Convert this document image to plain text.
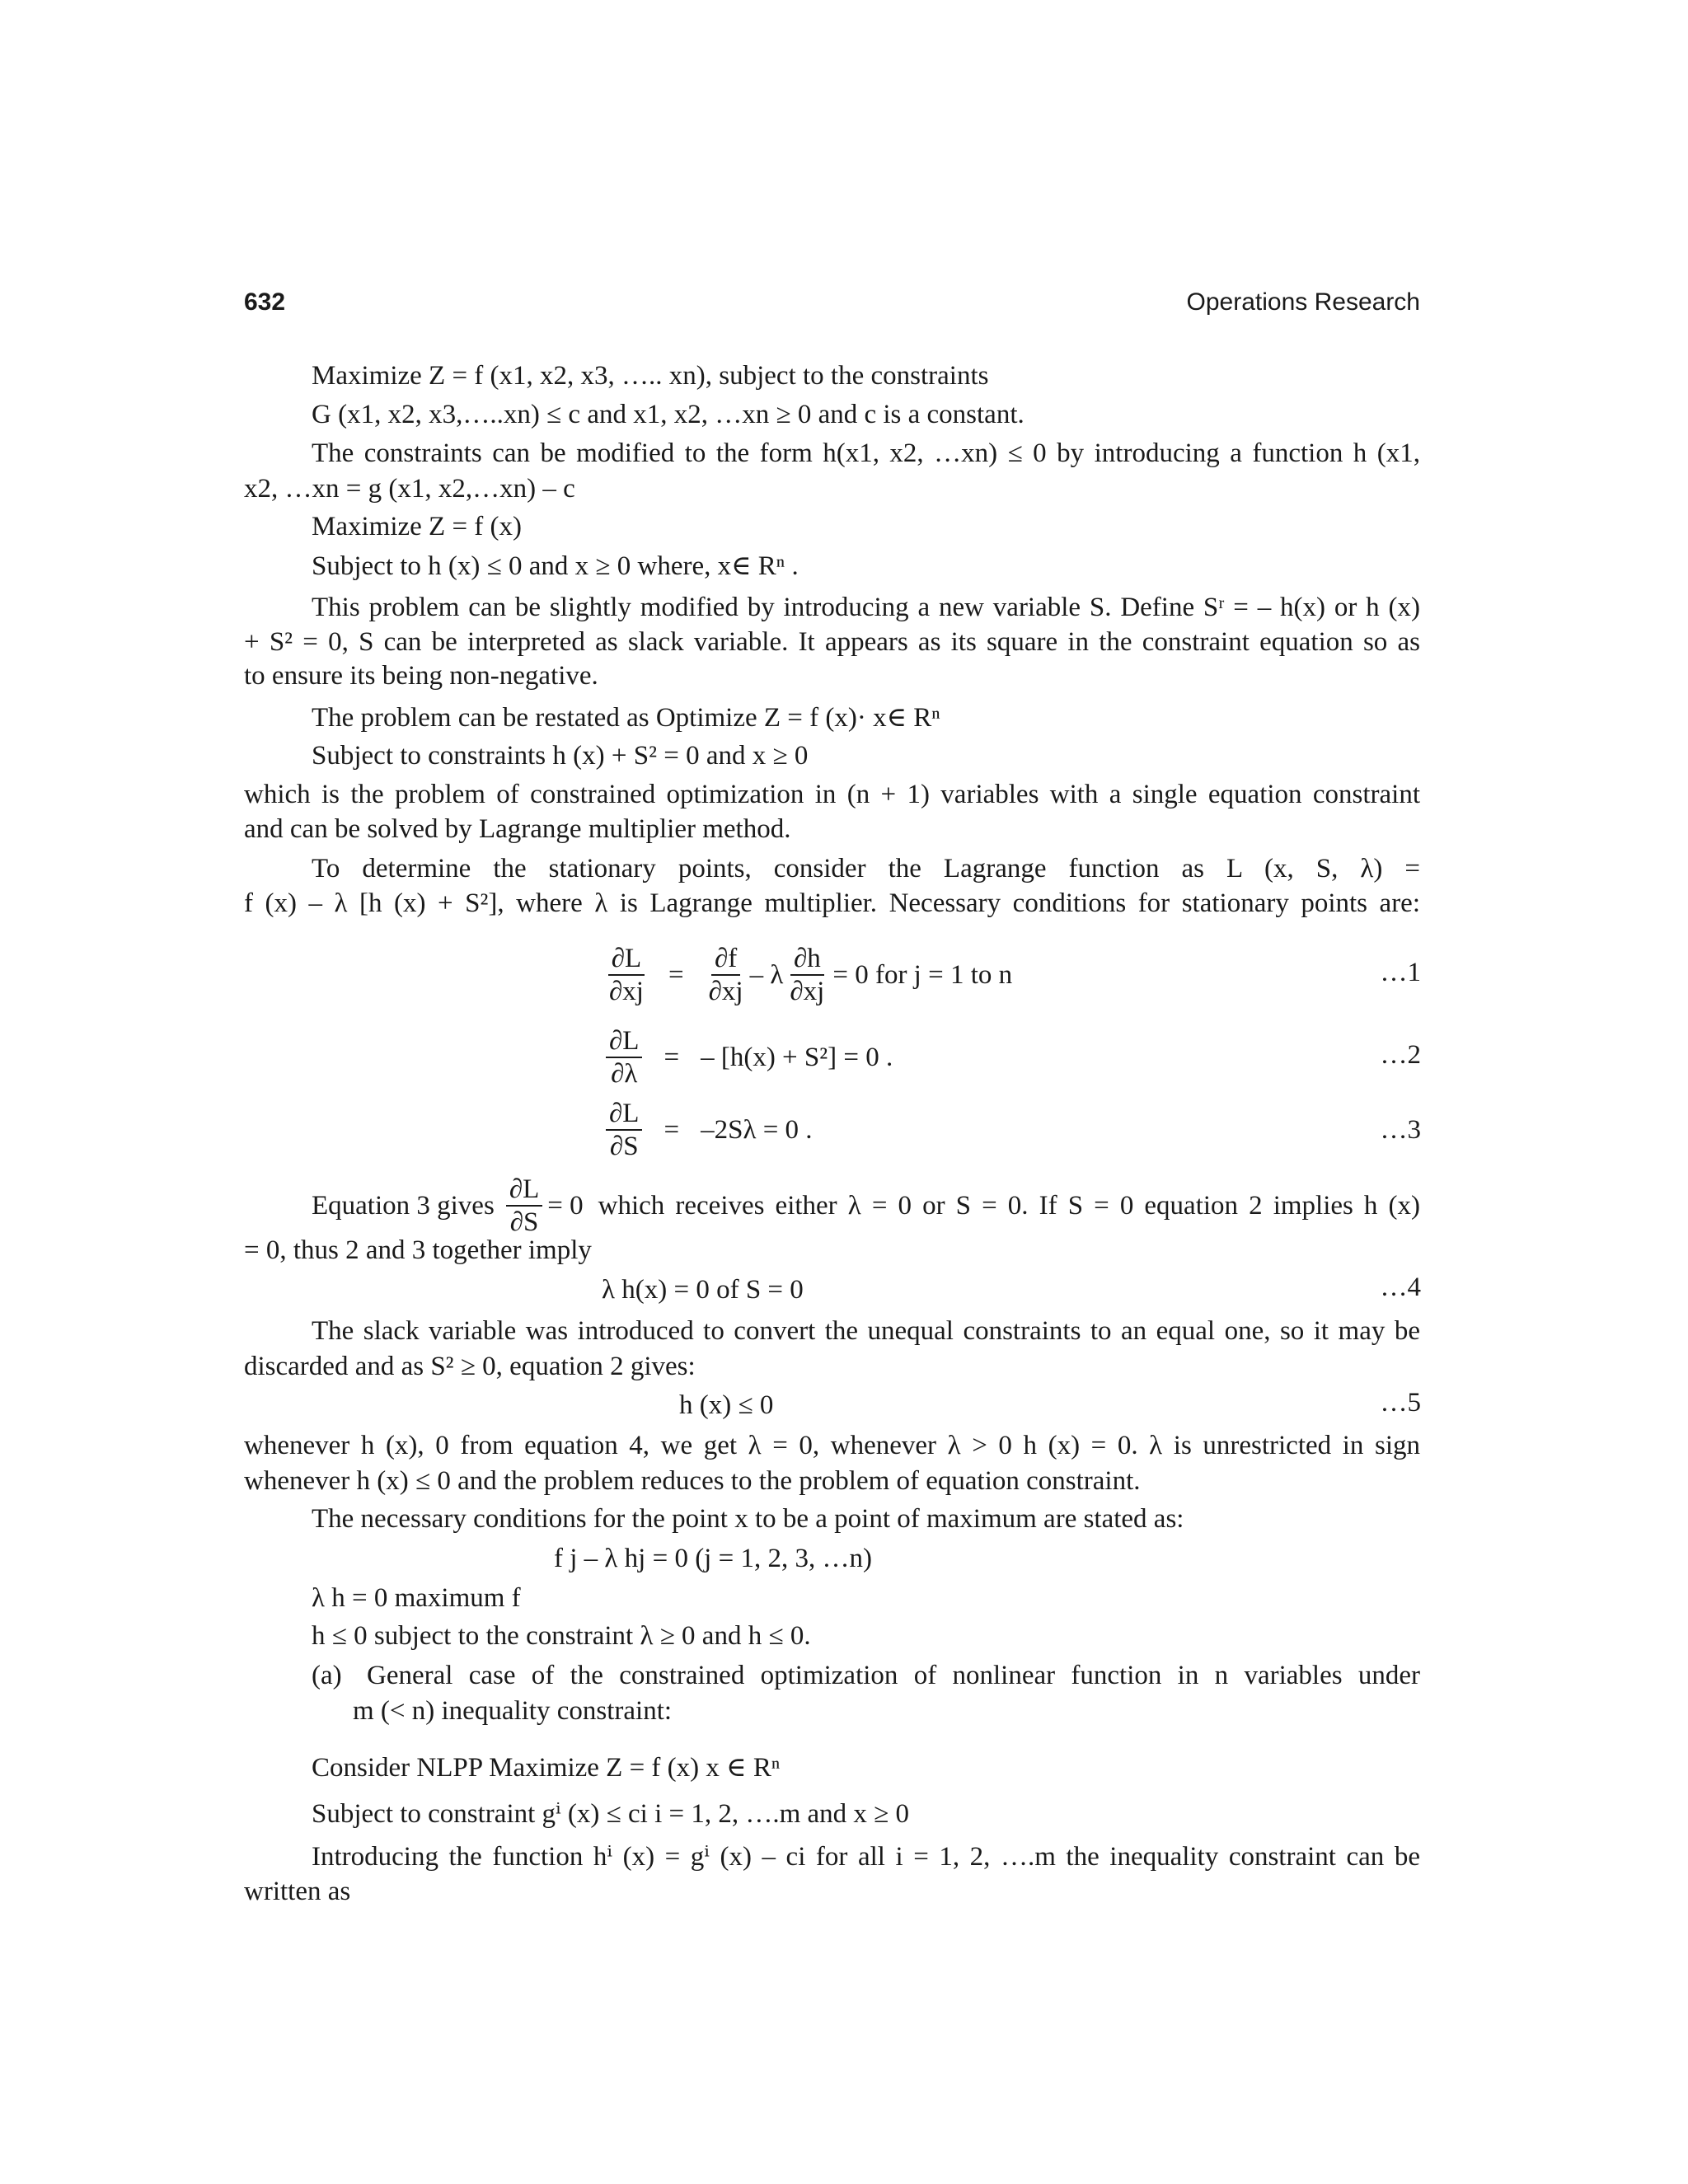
632	Operations Research
Maximize Z = f (x1, x2, x3, ….. xn), subject to the constraints
G (x1, x2, x3,…..xn) ≤ c and x1, x2, …xn ≥ 0 and c is a constant.
The constraints can be modified to the form h(x1, x2, …xn) ≤ 0 by introducing a function h (x1,
x2, …xn = g (x1, x2,…xn) – c
Maximize Z = f (x)
Subject to h (x) ≤ 0 and x ≥ 0 where, x∈ Rⁿ .
This problem can be slightly modified by introducing a new variable S. Define Sʳ = – h(x) or h (x)
+ S² = 0, S can be interpreted as slack variable. It appears as its square in the constraint equation so as
to ensure its being non-negative.
The problem can be restated as Optimize Z = f (x)· x∈ Rⁿ
Subject to constraints h (x) + S² = 0 and x ≥ 0
which is the problem of constrained optimization in (n + 1) variables with a single equation constraint
and can be solved by Lagrange multiplier method.
To determine the stationary points, consider the Lagrange function as L (x, S, λ) =
f (x) – λ [h (x) + S²], where λ is Lagrange multiplier. Necessary conditions for stationary points are:
$\frac{\partial L}{\partial xj} = \frac{\partial f}{\partial xj} - \lambda \frac{\partial h}{\partial xj} = 0$ for j = 1 to n	…1
$\frac{\partial L}{\partial\lambda}$ = – [h(x) + S²] = 0 .	…2
$\frac{\partial L}{\partial S} = -2S\lambda = 0$ .	…3
Equation 3 gives $\frac{\partial L}{\partial S} = 0$ which receives either λ = 0 or S = 0. If S = 0 equation 2 implies h (x)
= 0, thus 2 and 3 together imply
λ h(x) = 0 of S = 0	…4
The slack variable was introduced to convert the unequal constraints to an equal one, so it may be
discarded and as S² ≥ 0, equation 2 gives:
h (x) ≤ 0	…5
whenever h (x), 0 from equation 4, we get λ = 0, whenever λ > 0 h (x) = 0. λ is unrestricted in sign
whenever h (x) ≤ 0 and the problem reduces to the problem of equation constraint.
The necessary conditions for the point x to be a point of maximum are stated as:
f j – λ hj = 0 (j = 1, 2, 3, …n)
λ h = 0 maximum f
h ≤ 0 subject to the constraint λ ≥ 0 and h ≤ 0.
(a) General case of the constrained optimization of nonlinear function in n variables under
m (< n) inequality constraint:
Consider NLPP Maximize Z = f (x) x ∈ Rⁿ
Subject to constraint gⁱ (x) ≤ ci i = 1, 2, ….m and x ≥ 0
Introducing the function hⁱ (x) = gⁱ (x) – ci for all i = 1, 2, ….m the inequality constraint can be
written as
